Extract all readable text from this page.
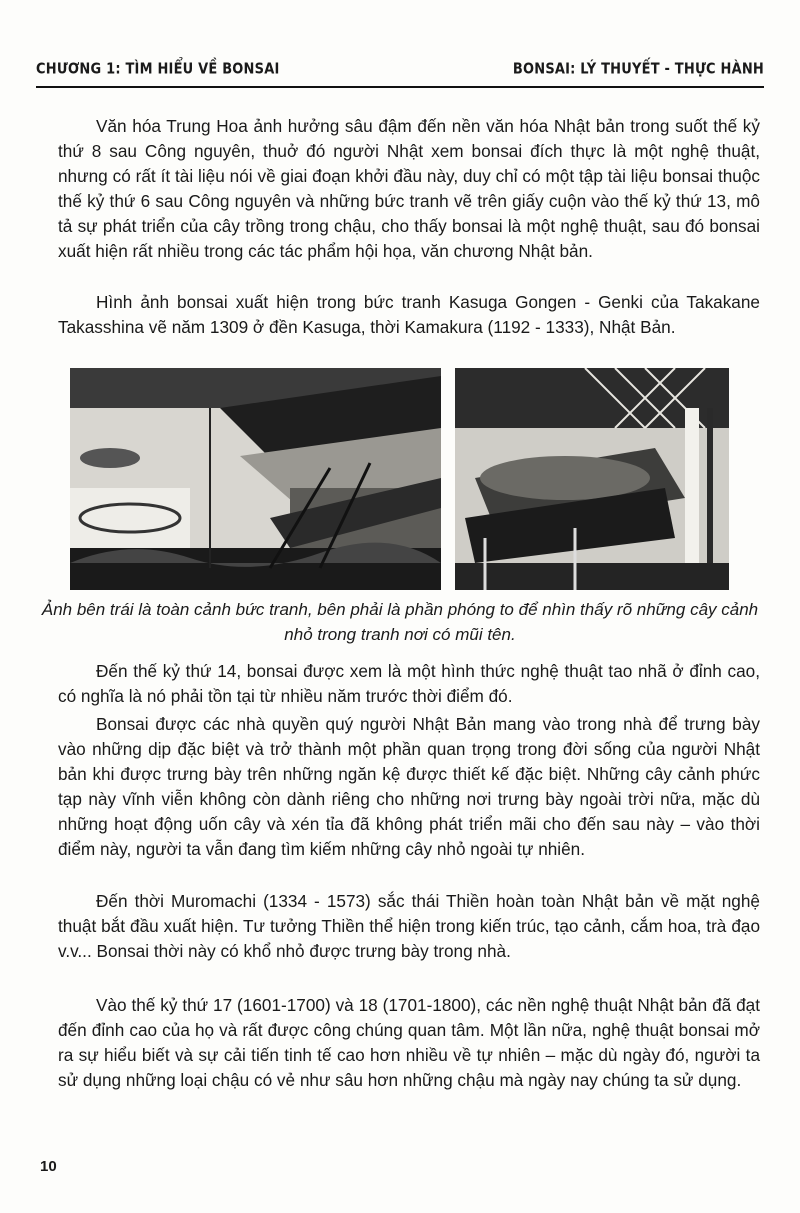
CHƯƠNG 1: TÌM HIỂU VỀ BONSAI	BONSAI: LÝ THUYẾT - THỰC HÀNH

Văn hóa Trung Hoa ảnh hưởng sâu đậm đến nền văn hóa Nhật bản trong suốt thế kỷ thứ 8 sau Công nguyên, thuở đó người Nhật xem bonsai đích thực là một nghệ thuật, nhưng có rất ít tài liệu nói về giai đoạn khởi đầu này, duy chỉ có một tập tài liệu bonsai thuộc thế kỷ thứ 6 sau Công nguyên và những bức tranh vẽ trên giấy cuộn vào thế kỷ thứ 13, mô tả sự phát triển của cây trồng trong chậu, cho thấy bonsai là một nghệ thuật, sau đó bonsai xuất hiện rất nhiều trong các tác phẩm hội họa, văn chương Nhật bản.

Hình ảnh bonsai xuất hiện trong bức tranh Kasuga Gongen - Genki của Takakane Takasshina vẽ năm 1309 ở đền Kasuga, thời Kamakura (1192 - 1333), Nhật Bản.

Ảnh bên trái là toàn cảnh bức tranh, bên phải là phần phóng to để nhìn thấy rõ những cây cảnh nhỏ trong tranh nơi có mũi tên.

Đến thế kỷ thứ 14, bonsai được xem là một hình thức nghệ thuật tao nhã ở đỉnh cao, có nghĩa là nó phải tồn tại từ nhiều năm trước thời điểm đó.

Bonsai được các nhà quyền quý người Nhật Bản mang vào trong nhà để trưng bày vào những dịp đặc biệt và trở thành một phần quan trọng trong đời sống của người Nhật bản khi được trưng bày trên những ngăn kệ được thiết kế đặc biệt. Những cây cảnh phức tạp này vĩnh viễn không còn dành riêng cho những nơi trưng bày ngoài trời nữa, mặc dù những hoạt động uốn cây và xén tỉa đã không phát triển mãi cho đến sau này – vào thời điểm này, người ta vẫn đang tìm kiếm những cây nhỏ ngoài tự nhiên.

Đến thời Muromachi (1334 - 1573) sắc thái Thiền hoàn toàn Nhật bản về mặt nghệ thuật bắt đầu xuất hiện. Tư tưởng Thiền thể hiện trong kiến trúc, tạo cảnh, cắm hoa, trà đạo v.v... Bonsai thời này có khổ nhỏ được trưng bày trong nhà.

Vào thế kỷ thứ 17 (1601-1700) và 18 (1701-1800), các nền nghệ thuật Nhật bản đã đạt đến đỉnh cao của họ và rất được công chúng quan tâm. Một lần nữa, nghệ thuật bonsai mở ra sự hiểu biết và sự cải tiến tinh tế cao hơn nhiều về tự nhiên – mặc dù ngày đó, người ta sử dụng những loại chậu có vẻ như sâu hơn những chậu mà ngày nay chúng ta sử dụng.

10
